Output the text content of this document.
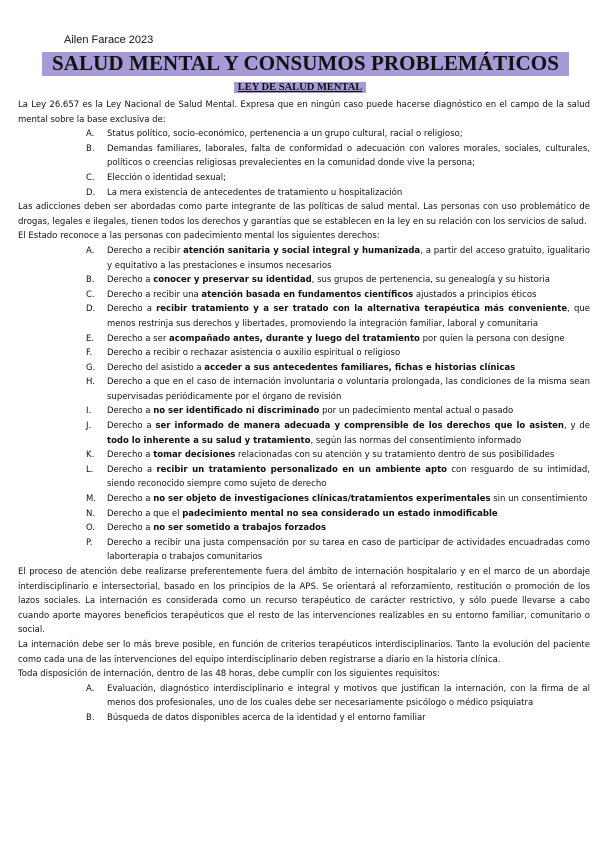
Ailen Farace 2023
SALUD MENTAL Y CONSUMOS PROBLEMÁTICOS
LEY DE SALUD MENTAL

La Ley 26.657 es la Ley Nacional de Salud Mental. Expresa que en ningún caso puede hacerse diagnóstico en el campo de la salud mental sobre la base exclusiva de:

A.	Status político, socio-económico, pertenencia a un grupo cultural, racial o religioso;
B.	Demandas familiares, laborales, falta de conformidad o adecuación con valores morales, sociales, culturales, políticos o creencias religiosas prevalecientes en la comunidad donde vive la persona;
C.	Elección o identidad sexual;
D.	La mera existencia de antecedentes de tratamiento u hospitalización

Las adicciones deben ser abordadas como parte integrante de las políticas de salud mental. Las personas con uso problemático de drogas, legales e ilegales, tienen todos los derechos y garantías que se establecen en la ley en su relación con los servicios de salud.

El Estado reconoce a las personas con padecimiento mental los siguientes derechos:

A.	Derecho a recibir atención sanitaria y social integral y humanizada, a partir del acceso gratuito, igualitario y equitativo a las prestaciones e insumos necesarios
B.	Derecho a conocer y preservar su identidad, sus grupos de pertenencia, su genealogía y su historia
C.	Derecho a recibir una atención basada en fundamentos científicos ajustados a principios éticos
D.	Derecho a recibir tratamiento y a ser tratado con la alternativa terapéutica más conveniente, que menos restrinja sus derechos y libertades, promoviendo la integración familiar, laboral y comunitaria
E.	Derecho a ser acompañado antes, durante y luego del tratamiento por quien la persona con designe
F.	Derecho a recibir o rechazar asistencia o auxilio espiritual o religioso
G.	Derecho del asistido a acceder a sus antecedentes familiares, fichas e historias clínicas
H.	Derecho a que en el caso de internación involuntaria o voluntaria prolongada, las condiciones de la misma sean supervisadas periódicamente por el órgano de revisión
I.	Derecho a no ser identificado ni discriminado por un padecimiento mental actual o pasado
J.	Derecho a ser informado de manera adecuada y comprensible de los derechos que lo asisten, y de todo lo inherente a su salud y tratamiento, según las normas del consentimiento informado
K.	Derecho a tomar decisiones relacionadas con su atención y su tratamiento dentro de sus posibilidades
L.	Derecho a recibir un tratamiento personalizado en un ambiente apto con resguardo de su intimidad, siendo reconocido siempre como sujeto de derecho
M.	Derecho a no ser objeto de investigaciones clínicas/tratamientos experimentales sin un consentimiento
N.	Derecho a que el padecimiento mental no sea considerado un estado inmodificable
O.	Derecho a no ser sometido a trabajos forzados
P.	Derecho a recibir una justa compensación por su tarea en caso de participar de actividades encuadradas como laborterapia o trabajos comunitarios

El proceso de atención debe realizarse preferentemente fuera del ámbito de internación hospitalario y en el marco de un abordaje interdisciplinario e intersectorial, basado en los principios de la APS. Se orientará al reforzamiento, restitución o promoción de los lazos sociales. La internación es considerada como un recurso terapéutico de carácter restrictivo, y sólo puede llevarse a cabo cuando aporte mayores beneficios terapéuticos que el resto de las intervenciones realizables en su entorno familiar, comunitario o social.

La internación debe ser lo más breve posible, en función de criterios terapéuticos interdisciplinarios. Tanto la evolución del paciente como cada una de las intervenciones del equipo interdisciplinario deben registrarse a diario en la historia clínica.

Toda disposición de internación, dentro de las 48 horas, debe cumplir con los siguientes requisitos:

A.	Evaluación, diagnóstico interdisciplinario e integral y motivos que justifican la internación, con la firma de al menos dos profesionales, uno de los cuales debe ser necesariamente psicólogo o médico psiquiatra
B.	Búsqueda de datos disponibles acerca de la identidad y el entorno familiar
